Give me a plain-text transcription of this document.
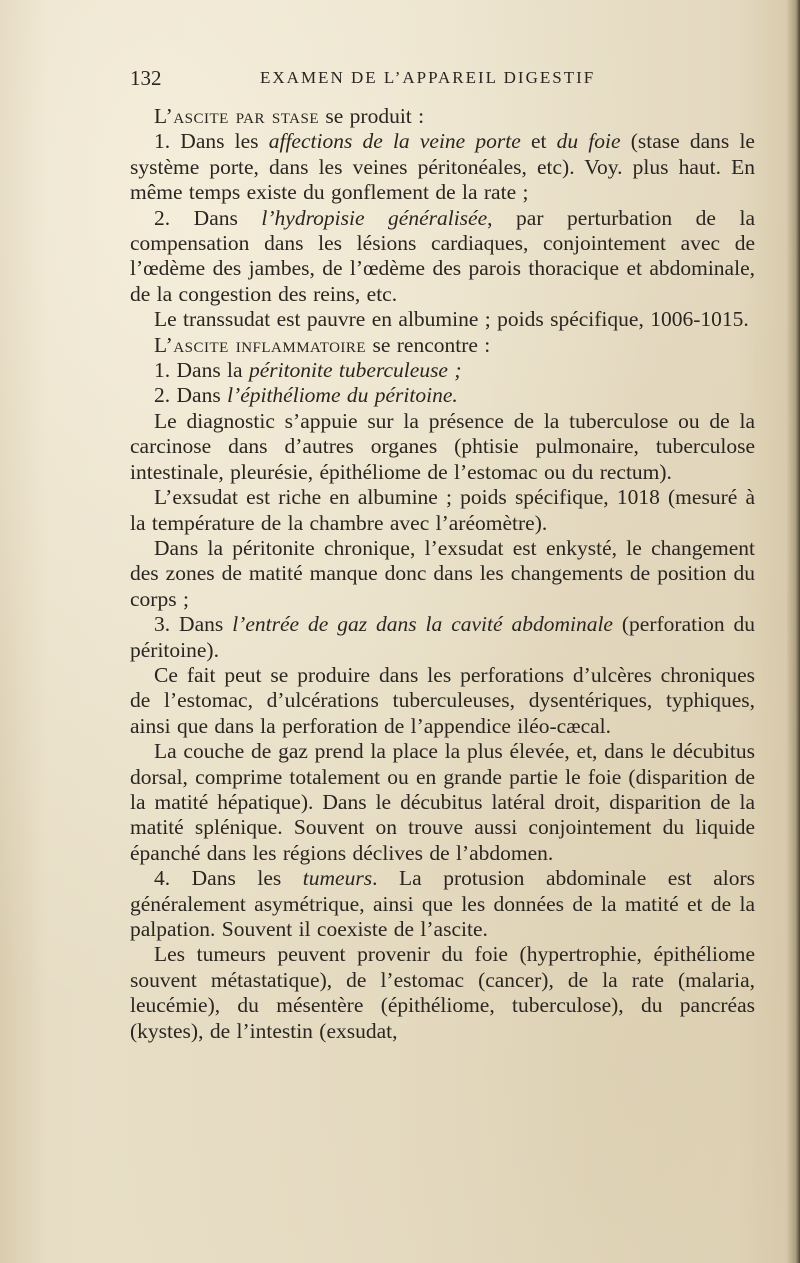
132	EXAMEN DE L’APPAREIL DIGESTIF

L’ascite par stase se produit :

1. Dans les affections de la veine porte et du foie (stase dans le système porte, dans les veines péritonéales, etc). Voy. plus haut. En même temps existe du gonflement de la rate ;

2. Dans l’hydropisie généralisée, par perturbation de la compensation dans les lésions cardiaques, conjointement avec de l’œdème des jambes, de l’œdème des parois thoracique et abdominale, de la congestion des reins, etc.

Le transsudat est pauvre en albumine ; poids spécifique, 1006-1015.

L’ascite inflammatoire se rencontre :

1. Dans la péritonite tuberculeuse ;

2. Dans l’épithéliome du péritoine.

Le diagnostic s’appuie sur la présence de la tuberculose ou de la carcinose dans d’autres organes (phtisie pulmonaire, tuberculose intestinale, pleurésie, épithéliome de l’estomac ou du rectum).

L’exsudat est riche en albumine ; poids spécifique, 1018 (mesuré à la température de la chambre avec l’aréomètre).

Dans la péritonite chronique, l’exsudat est enkysté, le changement des zones de matité manque donc dans les changements de position du corps ;

3. Dans l’entrée de gaz dans la cavité abdominale (perforation du péritoine).

Ce fait peut se produire dans les perforations d’ulcères chroniques de l’estomac, d’ulcérations tuberculeuses, dysentériques, typhiques, ainsi que dans la perforation de l’appendice iléo-cæcal.

La couche de gaz prend la place la plus élevée, et, dans le décubitus dorsal, comprime totalement ou en grande partie le foie (disparition de la matité hépatique). Dans le décubitus latéral droit, disparition de la matité splénique. Souvent on trouve aussi conjointement du liquide épanché dans les régions déclives de l’abdomen.

4. Dans les tumeurs. La protusion abdominale est alors généralement asymétrique, ainsi que les données de la matité et de la palpation. Souvent il coexiste de l’ascite.

Les tumeurs peuvent provenir du foie (hypertrophie, épithéliome souvent métastatique), de l’estomac (cancer), de la rate (malaria, leucémie), du mésentère (épithéliome, tuberculose), du pancréas (kystes), de l’intestin (exsudat,
